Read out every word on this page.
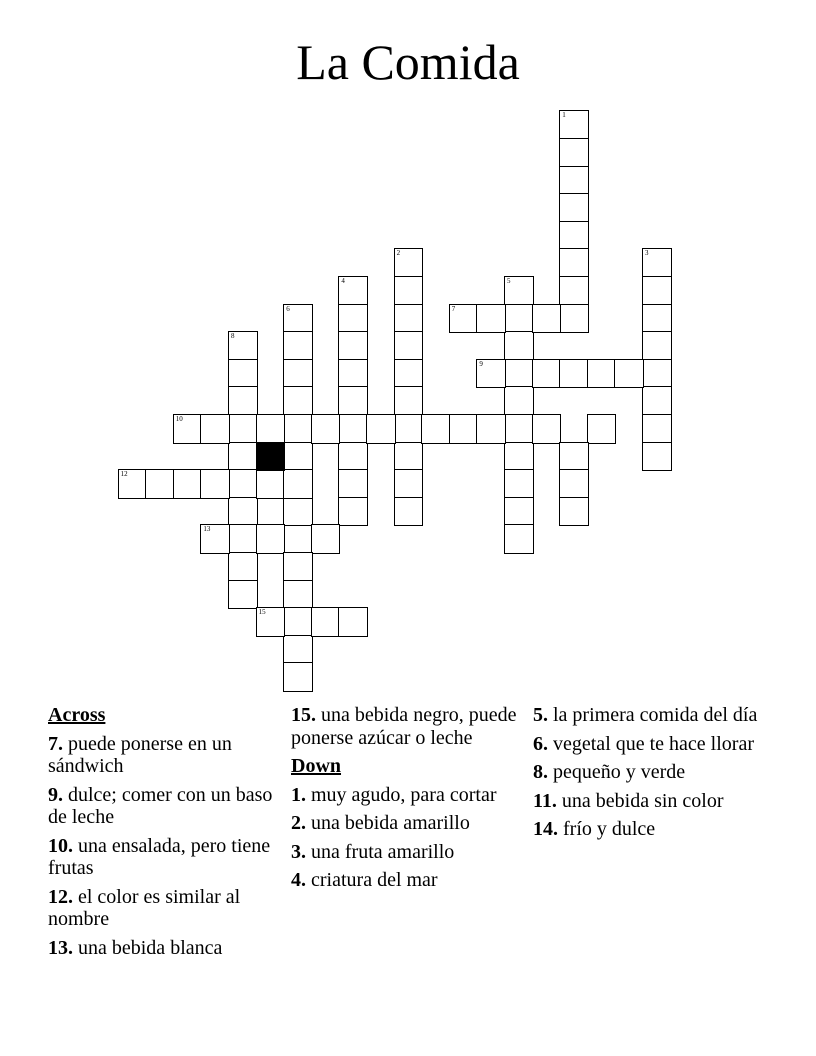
La Comida
1
2	3
4	5
7
6
8
9
10
12
13
15
Across
7. puede ponerse en un sándwich
9. dulce; comer con un baso de leche
10. una ensalada, pero tiene frutas
12. el color es similar al nombre
13. una bebida blanca
15. una bebida negro, puede ponerse azúcar o leche
Down
1. muy agudo, para cortar
2. una bebida amarillo
3. una fruta amarillo
4. criatura del mar
5. la primera comida del día
6. vegetal que te hace llorar
8. pequeño y verde
11. una bebida sin color
14. frío y dulce
